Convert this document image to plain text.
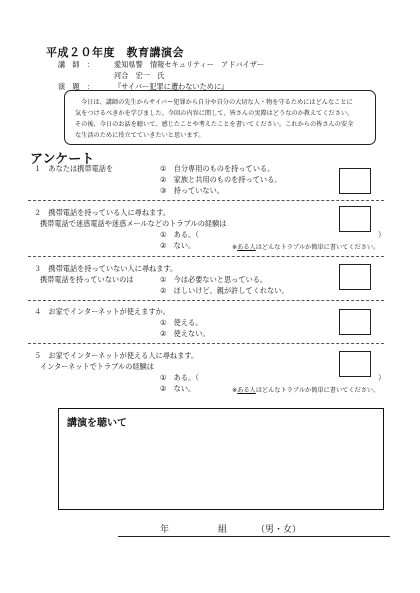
平成２０年度　教育講演会
講　師　：	愛知県警　情報セキュリティー　アドバイザー
河合　宏一　氏
演　題　：	『サイバー犯罪に遭わないために』
今日は、講師の先生からサイバー犯罪から自分や自分の大切な人・物を守るためにはどんなことに
気をつけるべきかを学びました。今回の内容に関して、皆さんの実際はどうなのか教えてください。
その後、今日のお話を聴いて、感じたことや考えたことを書いてください。これからの皆さんの安全
な生活のために役立てていきたいと思います。
アンケート
１　あなたは携帯電話を	①　自分専用のものを持っている。
②　家族と共用のものを持っている。
③　持っていない。
２　携帯電話を持っている人に尋ねます。
携帯電話で迷惑電話や迷惑メールなどのトラブルの経験は
①　ある。（	）
②　ない。	※ある人はどんなトラブルか簡単に書いてください。
３　携帯電話を持っていない人に尋ねます。
携帯電話を持っていないのは	①　今は必要ないと思っている。
②　ほしいけど、親が許してくれない。
４　お家でインターネットが使えますか。
①　使える。
②　使えない。
５　お家でインターネットが使える人に尋ねます。
インターネットでトラブルの経験は
①　ある。（	）
②　ない。	※ある人はどんなトラブルか簡単に書いてください。
講演を聴いて
年	組	（男・女）
